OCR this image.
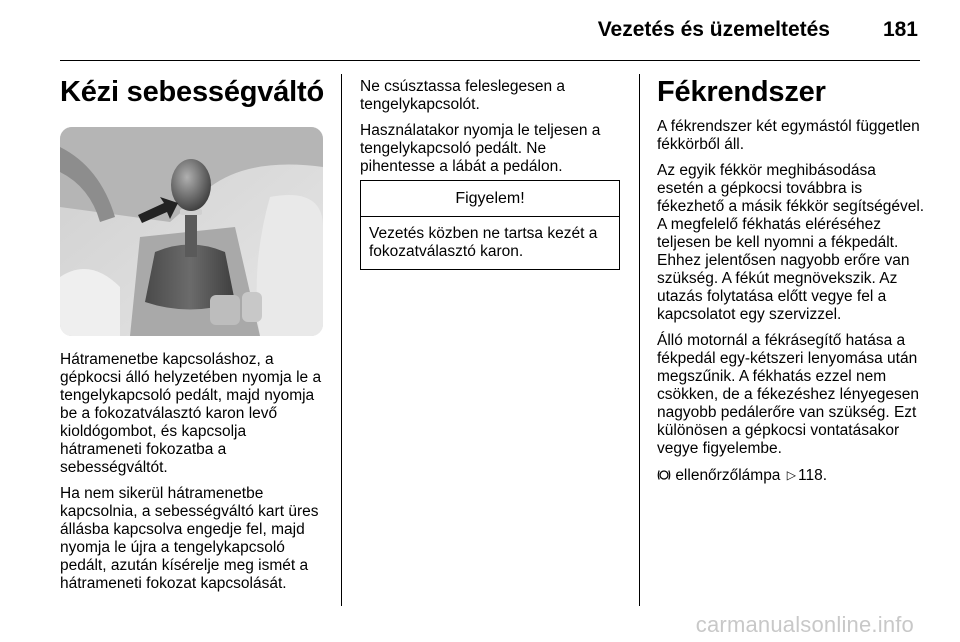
Vezetés és üzemeltetés	181
Kézi sebességváltó

Hátramenetbe kapcsoláshoz, a gépkocsi álló helyzetében nyomja le a tengelykapcsoló pedált, majd nyomja be a fokozatválasztó karon levő kioldógombot, és kapcsolja hátrameneti fokozatba a sebességváltót.

Ha nem sikerül hátramenetbe kapcsolnia, a sebességváltó kart üres állásba kapcsolva engedje fel, majd nyomja le újra a tengelykapcsoló pedált, azután kísérelje meg ismét a hátrameneti fokozat kapcsolását.

Ne csúsztassa feleslegesen a tengelykapcsolót.

Használatakor nyomja le teljesen a tengelykapcsoló pedált. Ne pihentesse a lábát a pedálon.

Figyelem!
Vezetés közben ne tartsa kezét a fokozatválasztó karon.
Fékrendszer

A fékrendszer két egymástól független fékkörből áll.

Az egyik fékkör meghibásodása esetén a gépkocsi továbbra is fékezhető a másik fékkör segítségével. A megfelelő fékhatás eléréséhez teljesen be kell nyomni a fékpedált. Ehhez jelentősen nagyobb erőre van szükség. A fékút megnövekszik. Az utazás folytatása előtt vegye fel a kapcsolatot egy szervizzel.

Álló motornál a fékrásegítő hatása a fékpedál egy-kétszeri lenyomása után megszűnik. A fékhatás ezzel nem csökken, de a fékezéshez lényegesen nagyobb pedálerőre van szükség. Ezt különösen a gépkocsi vontatásakor vegye figyelembe.

ellenőrzőlámpa ▷ 118.

carmanualsonline.info
